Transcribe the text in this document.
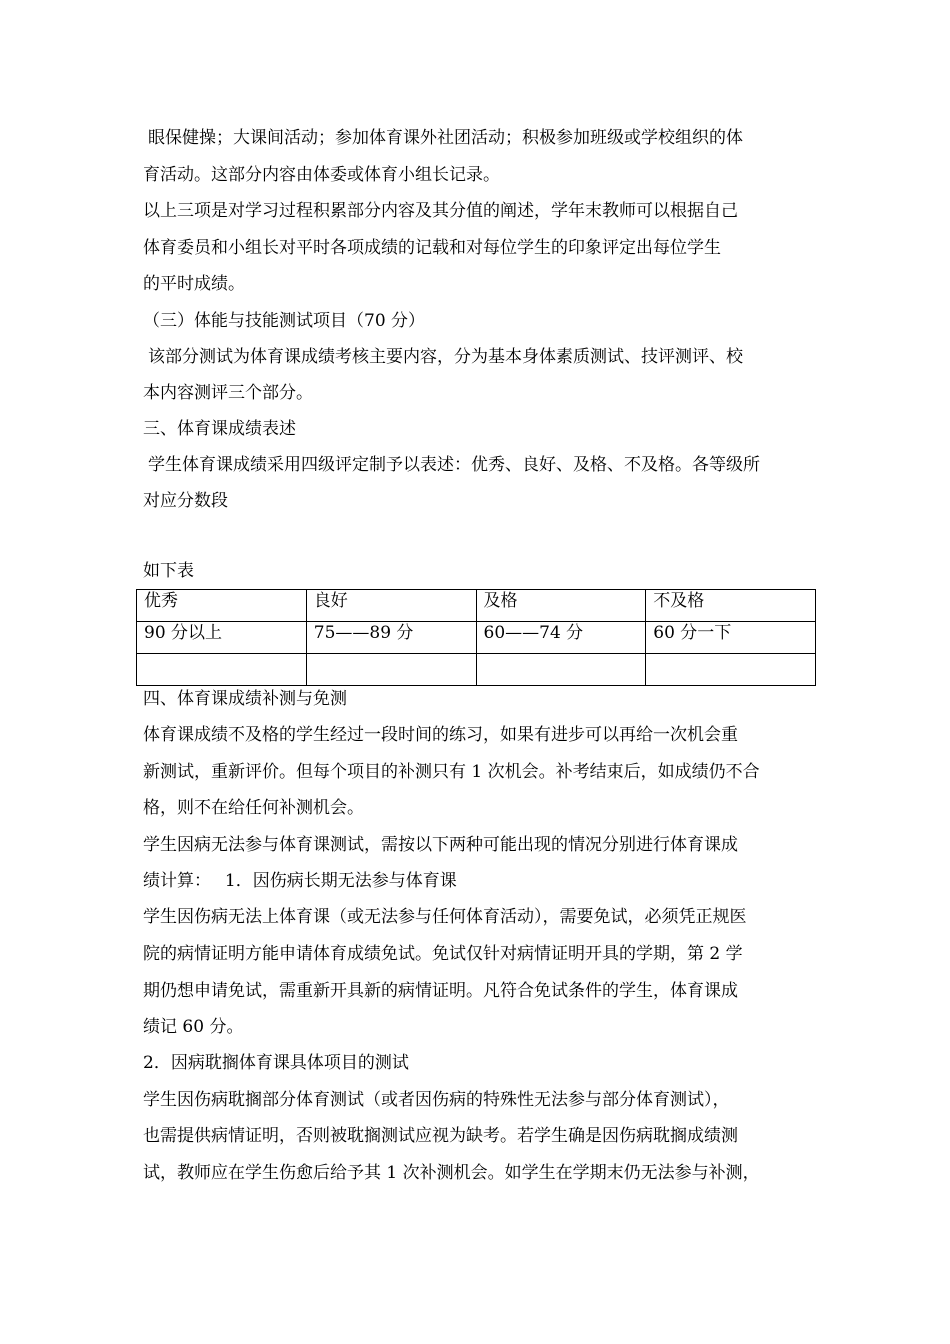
眼保健操；大课间活动；参加体育课外社团活动；积极参加班级或学校组织的体
育活动。这部分内容由体委或体育小组长记录。
以上三项是对学习过程积累部分内容及其分值的阐述，学年末教师可以根据自己
体育委员和小组长对平时各项成绩的记载和对每位学生的印象评定出每位学生
的平时成绩。
（三）体能与技能测试项目（70 分）
该部分测试为体育课成绩考核主要内容，分为基本身体素质测试、技评测评、校
本内容测评三个部分。
三、体育课成绩表述
学生体育课成绩采用四级评定制予以表述：优秀、良好、及格、不及格。各等级所
对应分数段
如下表
优秀	良好	及格	不及格
90 分以上	75——89 分	60——74 分	60 分一下

四、体育课成绩补测与免测
体育课成绩不及格的学生经过一段时间的练习，如果有进步可以再给一次机会重
新测试，重新评价。但每个项目的补测只有 1 次机会。补考结束后，如成绩仍不合
格，则不在给任何补测机会。
学生因病无法参与体育课测试，需按以下两种可能出现的情况分别进行体育课成
绩计算：　 1．因伤病长期无法参与体育课
学生因伤病无法上体育课（或无法参与任何体育活动），需要免试，必须凭正规医
院的病情证明方能申请体育成绩免试。免试仅针对病情证明开具的学期，第 2 学
期仍想申请免试，需重新开具新的病情证明。凡符合免试条件的学生，体育课成
绩记 60 分。
2．因病耽搁体育课具体项目的测试
学生因伤病耽搁部分体育测试（或者因伤病的特殊性无法参与部分体育测试），
也需提供病情证明，否则被耽搁测试应视为缺考。若学生确是因伤病耽搁成绩测
试，教师应在学生伤愈后给予其 1 次补测机会。如学生在学期末仍无法参与补测，
